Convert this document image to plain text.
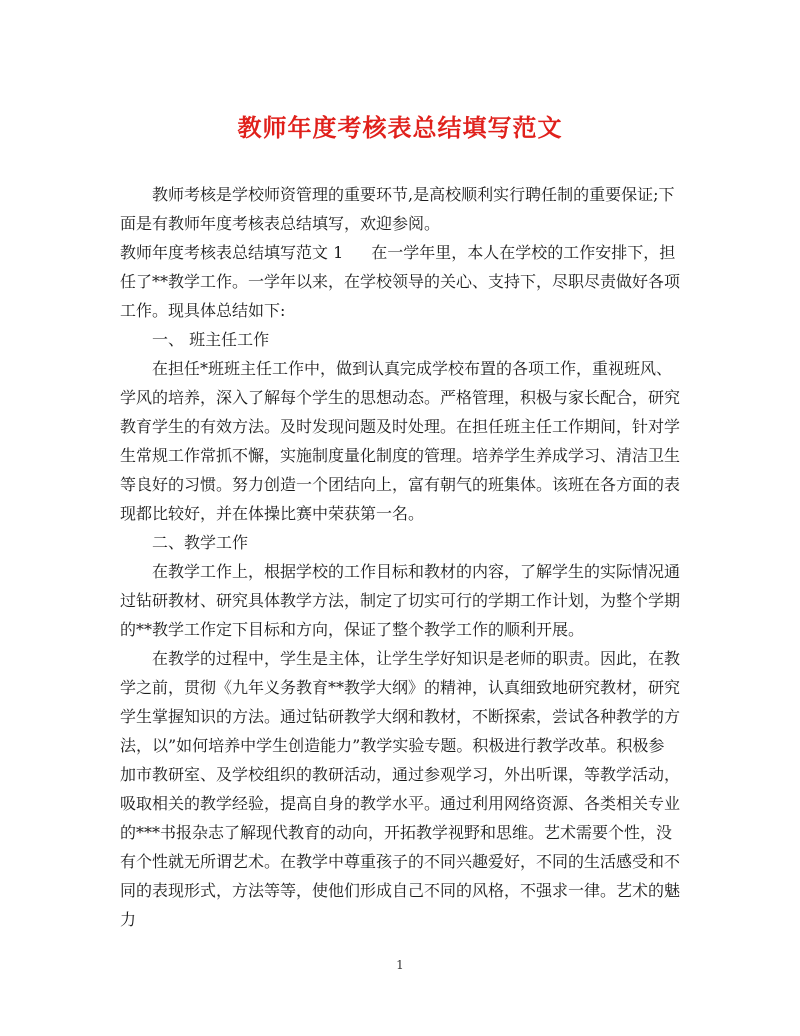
教师年度考核表总结填写范文

教师考核是学校师资管理的重要环节,是高校顺利实行聘任制的重要保证;下面是有教师年度考核表总结填写，欢迎参阅。

教师年度考核表总结填写范文 1 在一学年里，本人在学校的工作安排下，担任了**教学工作。一学年以来，在学校领导的关心、支持下，尽职尽责做好各项工作。现具体总结如下:

一、 班主任工作

在担任*班班主任工作中，做到认真完成学校布置的各项工作，重视班风、学风的培养，深入了解每个学生的思想动态。严格管理，积极与家长配合，研究教育学生的有效方法。及时发现问题及时处理。在担任班主任工作期间，针对学生常规工作常抓不懈，实施制度量化制度的管理。培养学生养成学习、清洁卫生等良好的习惯。努力创造一个团结向上，富有朝气的班集体。该班在各方面的表现都比较好，并在体操比赛中荣获第一名。

二、教学工作

在教学工作上，根据学校的工作目标和教材的内容，了解学生的实际情况通过钻研教材、研究具体教学方法，制定了切实可行的学期工作计划，为整个学期的**教学工作定下目标和方向，保证了整个教学工作的顺利开展。

在教学的过程中，学生是主体，让学生学好知识是老师的职责。因此，在教学之前，贯彻《九年义务教育**教学大纲》的精神，认真细致地研究教材，研究学生掌握知识的方法。通过钻研教学大纲和教材，不断探索，尝试各种教学的方法，以”如何培养中学生创造能力”教学实验专题。积极进行教学改革。积极参加市教研室、及学校组织的教研活动，通过参观学习，外出听课，等教学活动，吸取相关的教学经验，提高自身的教学水平。通过利用网络资源、各类相关专业的***书报杂志了解现代教育的动向，开拓教学视野和思维。艺术需要个性，没有个性就无所谓艺术。在教学中尊重孩子的不同兴趣爱好，不同的生活感受和不同的表现形式，方法等等，使他们形成自己不同的风格，不强求一律。艺术的魅力

1
